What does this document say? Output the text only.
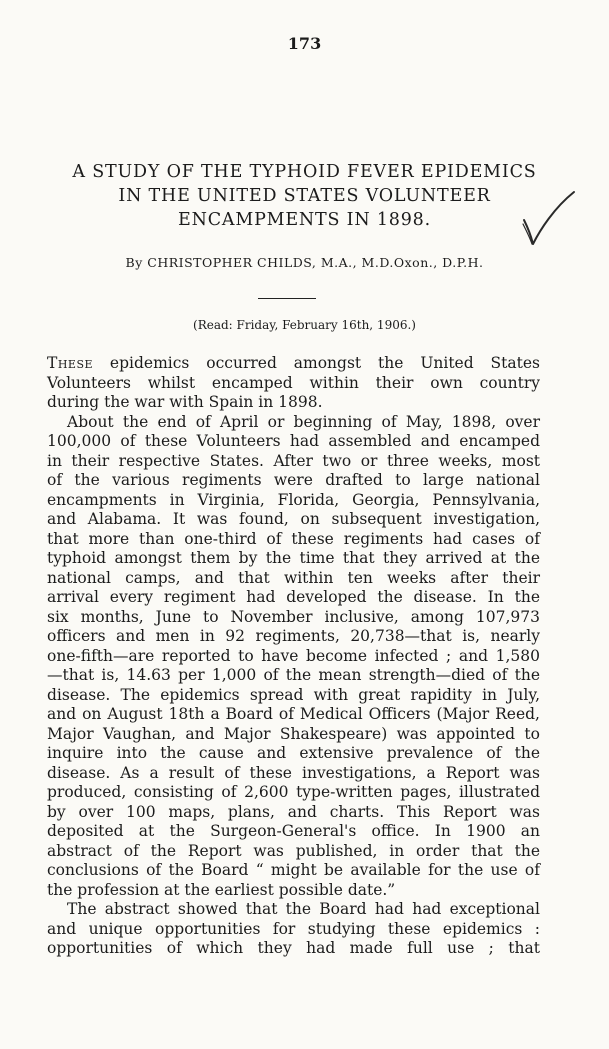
173
A STUDY OF THE TYPHOID FEVER EPIDEMICS
IN THE UNITED STATES VOLUNTEER
ENCAMPMENTS IN 1898.
By CHRISTOPHER CHILDS, M.A., M.D.Oxon., D.P.H.
(Read: Friday, February 16th, 1906.)
These epidemics occurred amongst the United States
Volunteers whilst encamped within their own country
during the war with Spain in 1898.
About the end of April or beginning of May, 1898, over
100,000 of these Volunteers had assembled and encamped
in their respective States. After two or three weeks, most
of the various regiments were drafted to large national
encampments in Virginia, Florida, Georgia, Pennsylvania,
and Alabama. It was found, on subsequent investigation,
that more than one-third of these regiments had cases of
typhoid amongst them by the time that they arrived at the
national camps, and that within ten weeks after their
arrival every regiment had developed the disease. In the
six months, June to November inclusive, among 107,973
officers and men in 92 regiments, 20,738—that is, nearly
one-fifth—are reported to have become infected ; and 1,580
—that is, 14.63 per 1,000 of the mean strength—died of the
disease. The epidemics spread with great rapidity in July,
and on August 18th a Board of Medical Officers (Major Reed,
Major Vaughan, and Major Shakespeare) was appointed to
inquire into the cause and extensive prevalence of the
disease. As a result of these investigations, a Report was
produced, consisting of 2,600 type-written pages, illustrated
by over 100 maps, plans, and charts. This Report was
deposited at the Surgeon-General's office. In 1900 an
abstract of the Report was published, in order that the
conclusions of the Board “ might be available for the use of
the profession at the earliest possible date.”
The abstract showed that the Board had had exceptional
and unique opportunities for studying these epidemics :
opportunities of which they had made full use ; that
